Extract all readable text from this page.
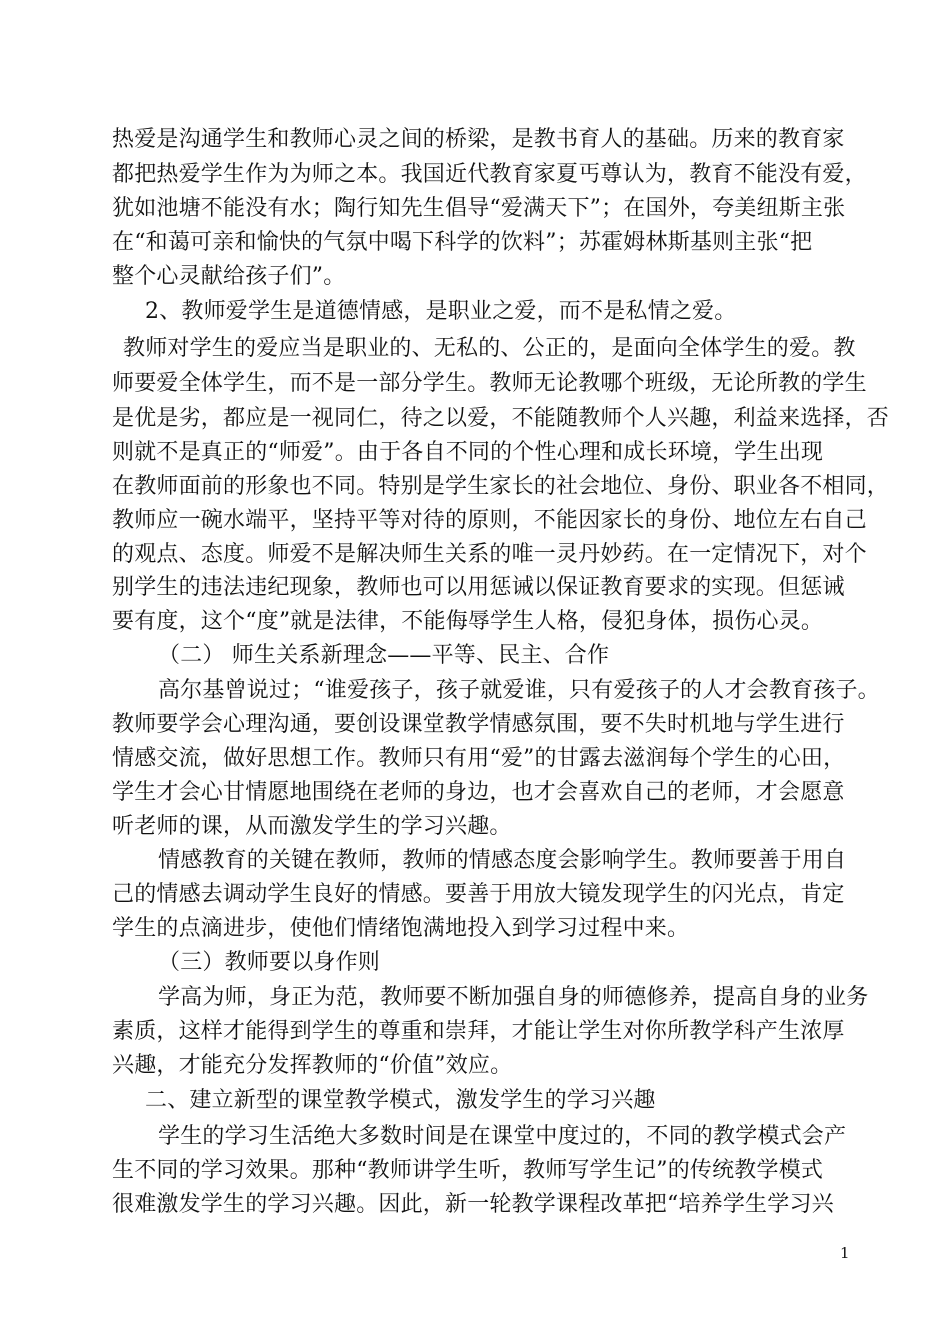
热爱是沟通学生和教师心灵之间的桥梁，是教书育人的基础。历来的教育家
都把热爱学生作为为师之本。我国近代教育家夏丐尊认为，教育不能没有爱，
犹如池塘不能没有水；陶行知先生倡导“爱满天下”；在国外，夸美纽斯主张
在“和蔼可亲和愉快的气氛中喝下科学的饮料”；苏霍姆林斯基则主张“把
整个心灵献给孩子们”。
2、教师爱学生是道德情感，是职业之爱，而不是私情之爱。
教师对学生的爱应当是职业的、无私的、公正的，是面向全体学生的爱。教
师要爱全体学生，而不是一部分学生。教师无论教哪个班级，无论所教的学生
是优是劣，都应是一视同仁，待之以爱，不能随教师个人兴趣，利益来选择，否
则就不是真正的“师爱”。由于各自不同的个性心理和成长环境，学生出现
在教师面前的形象也不同。特别是学生家长的社会地位、身份、职业各不相同，
教师应一碗水端平，坚持平等对待的原则，不能因家长的身份、地位左右自己
的观点、态度。师爱不是解决师生关系的唯一灵丹妙药。在一定情况下，对个
别学生的违法违纪现象，教师也可以用惩诫以保证教育要求的实现。但惩诫
要有度，这个“度”就是法律，不能侮辱学生人格，侵犯身体，损伤心灵。
（二） 师生关系新理念——平等、民主、合作
高尔基曾说过；“谁爱孩子，孩子就爱谁，只有爱孩子的人才会教育孩子。
教师要学会心理沟通，要创设课堂教学情感氛围，要不失时机地与学生进行
情感交流，做好思想工作。教师只有用“爱”的甘露去滋润每个学生的心田，
学生才会心甘情愿地围绕在老师的身边，也才会喜欢自己的老师，才会愿意
听老师的课，从而激发学生的学习兴趣。
情感教育的关键在教师，教师的情感态度会影响学生。教师要善于用自
己的情感去调动学生良好的情感。要善于用放大镜发现学生的闪光点，肯定
学生的点滴进步，使他们情绪饱满地投入到学习过程中来。
（三）教师要以身作则
学高为师，身正为范，教师要不断加强自身的师德修养，提高自身的业务
素质，这样才能得到学生的尊重和崇拜，才能让学生对你所教学科产生浓厚
兴趣，才能充分发挥教师的“价值”效应。
二、建立新型的课堂教学模式，激发学生的学习兴趣
学生的学习生活绝大多数时间是在课堂中度过的，不同的教学模式会产
生不同的学习效果。那种“教师讲学生听，教师写学生记”的传统教学模式
很难激发学生的学习兴趣。因此，新一轮教学课程改革把“培养学生学习兴
1
